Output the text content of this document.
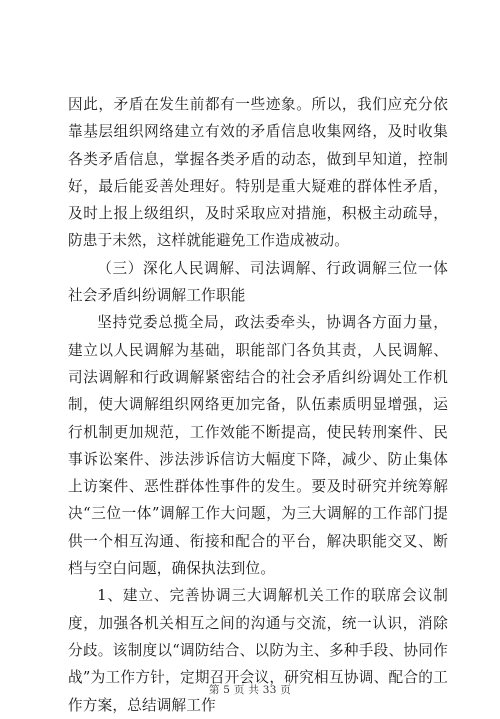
因此，矛盾在发生前都有一些迹象。所以，我们应充分依靠基层组织网络建立有效的矛盾信息收集网络，及时收集各类矛盾信息，掌握各类矛盾的动态，做到早知道，控制好，最后能妥善处理好。特别是重大疑难的群体性矛盾，及时上报上级组织，及时采取应对措施，积极主动疏导，防患于未然，这样就能避免工作造成被动。

（三）深化人民调解、司法调解、行政调解三位一体社会矛盾纠纷调解工作职能

坚持党委总揽全局，政法委牵头，协调各方面力量，建立以人民调解为基础，职能部门各负其责，人民调解、司法调解和行政调解紧密结合的社会矛盾纠纷调处工作机制，使大调解组织网络更加完备，队伍素质明显增强，运行机制更加规范，工作效能不断提高，使民转刑案件、民事诉讼案件、涉法涉诉信访大幅度下降，减少、防止集体上访案件、恶性群体性事件的发生。要及时研究并统筹解决“三位一体”调解工作大问题，为三大调解的工作部门提供一个相互沟通、衔接和配合的平台，解决职能交叉、断档与空白问题，确保执法到位。

1、建立、完善协调三大调解机关工作的联席会议制度，加强各机关相互之间的沟通与交流，统一认识，消除分歧。该制度以“调防结合、以防为主、多种手段、协同作战”为工作方针，定期召开会议，研究相互协调、配合的工作方案，总结调解工作

第 5 页 共 33 页
